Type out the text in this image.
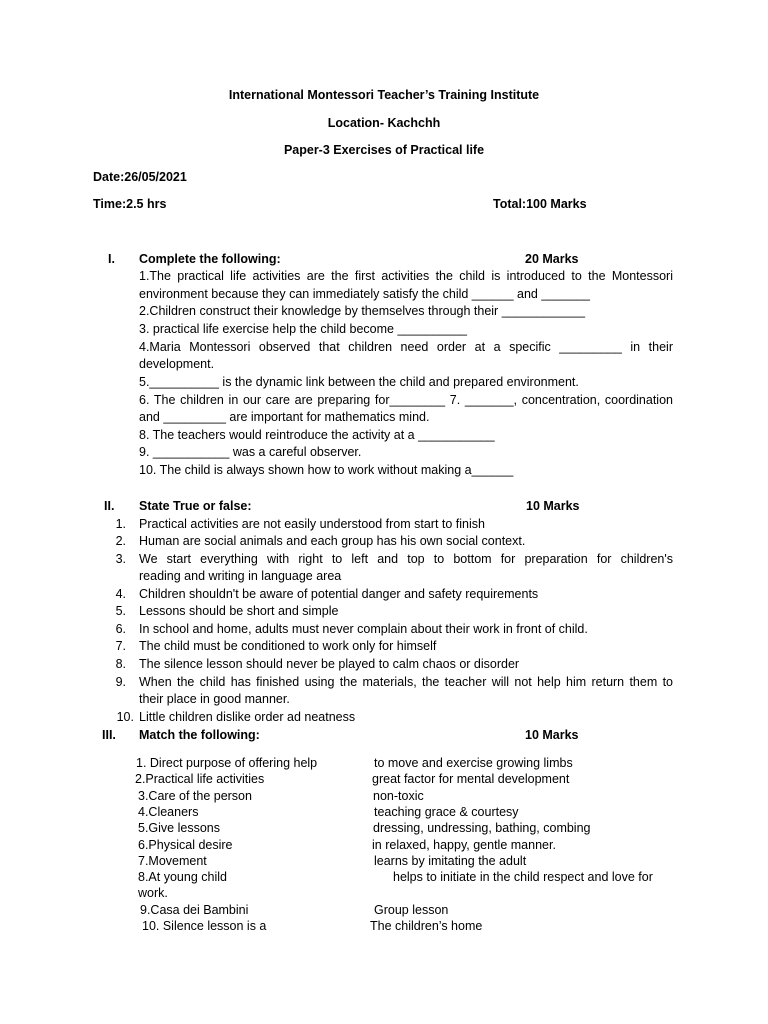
International Montessori Teacher’s Training Institute
Location- Kachchh
Paper-3 Exercises of Practical life
Date:26/05/2021
Time:2.5 hrs	Total:100 Marks
I. Complete the following:	20 Marks
1.The practical life activities are the first activities the child is introduced to the Montessori
environment because they can immediately satisfy the child ______ and _______
2.Children construct their knowledge by themselves through their ____________
3. practical life exercise help the child become __________
4.Maria Montessori observed that children need order at a specific _________ in their
development.
5.__________ is the dynamic link between the child and prepared environment.
6. The children in our care are preparing for________ 7. _______, concentration, coordination
and _________ are important for mathematics mind.
8. The teachers would reintroduce the activity at a ___________
9. ___________ was a careful observer.
10. The child is always shown how to work without making a______
II. State True or false:	10 Marks
1. Practical activities are not easily understood from start to finish
2. Human are social animals and each group has his own social context.
3. We start everything with right to left and top to bottom for preparation for children's
reading and writing in language area
4. Children shouldn't be aware of potential danger and safety requirements
5. Lessons should be short and simple
6. In school and home, adults must never complain about their work in front of child.
7. The child must be conditioned to work only for himself
8. The silence lesson should never be played to calm chaos or disorder
9. When the child has finished using the materials, the teacher will not help him return them to
their place in good manner.
10. Little children dislike order ad neatness
III. Match the following:	10 Marks
1. Direct purpose of offering help	to move and exercise growing limbs
2.Practical life activities	great factor for mental development
3.Care of the person	non-toxic
4.Cleaners	teaching grace & courtesy
5.Give lessons	dressing, undressing, bathing, combing
6.Physical desire	in relaxed, happy, gentle manner.
7.Movement	learns by imitating the adult
8.At young child	helps to initiate in the child respect and love for
work.
9.Casa dei Bambini	Group lesson
10. Silence lesson is a	The children’s home
